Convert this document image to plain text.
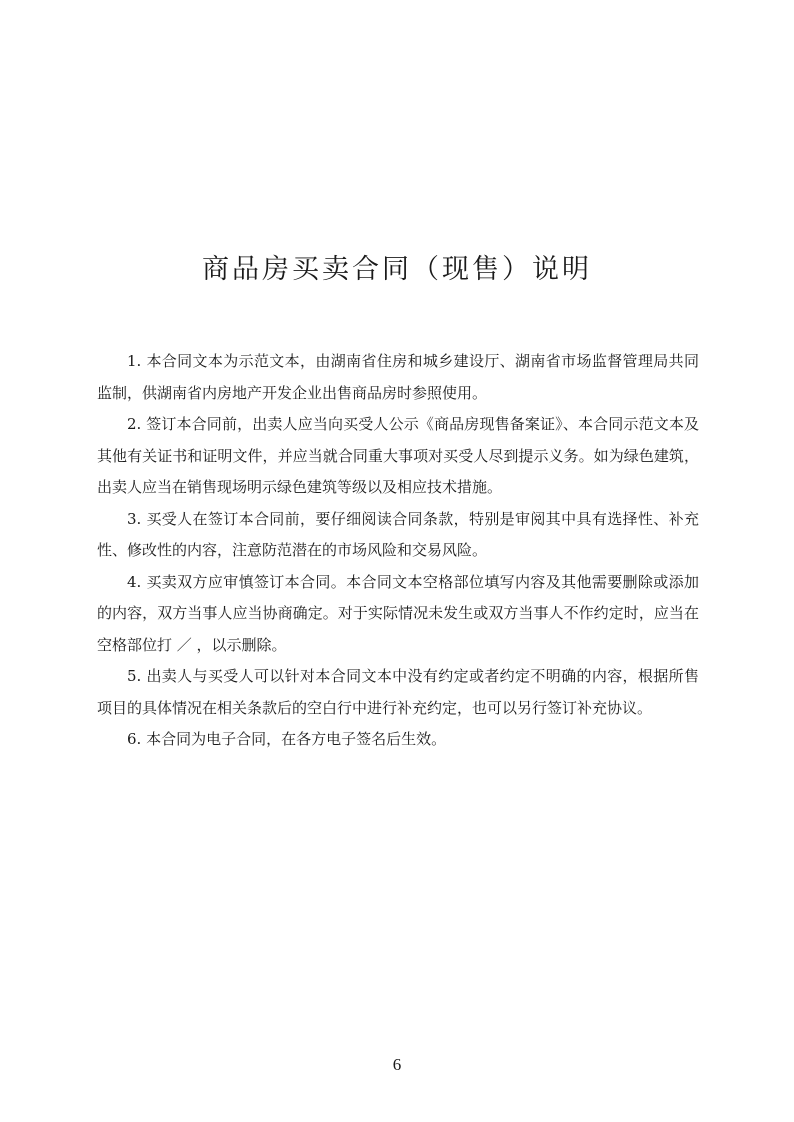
商品房买卖合同（现售）说明

1. 本合同文本为示范文本，由湖南省住房和城乡建设厅、湖南省市场监督管理局共同监制，供湖南省内房地产开发企业出售商品房时参照使用。

2. 签订本合同前，出卖人应当向买受人公示《商品房现售备案证》、本合同示范文本及其他有关证书和证明文件，并应当就合同重大事项对买受人尽到提示义务。如为绿色建筑，出卖人应当在销售现场明示绿色建筑等级以及相应技术措施。

3. 买受人在签订本合同前，要仔细阅读合同条款，特别是审阅其中具有选择性、补充性、修改性的内容，注意防范潜在的市场风险和交易风险。

4. 买卖双方应审慎签订本合同。本合同文本空格部位填写内容及其他需要删除或添加的内容，双方当事人应当协商确定。对于实际情况未发生或双方当事人不作约定时，应当在空格部位打 ／ ，以示删除。

5. 出卖人与买受人可以针对本合同文本中没有约定或者约定不明确的内容，根据所售项目的具体情况在相关条款后的空白行中进行补充约定，也可以另行签订补充协议。

6. 本合同为电子合同，在各方电子签名后生效。

6
